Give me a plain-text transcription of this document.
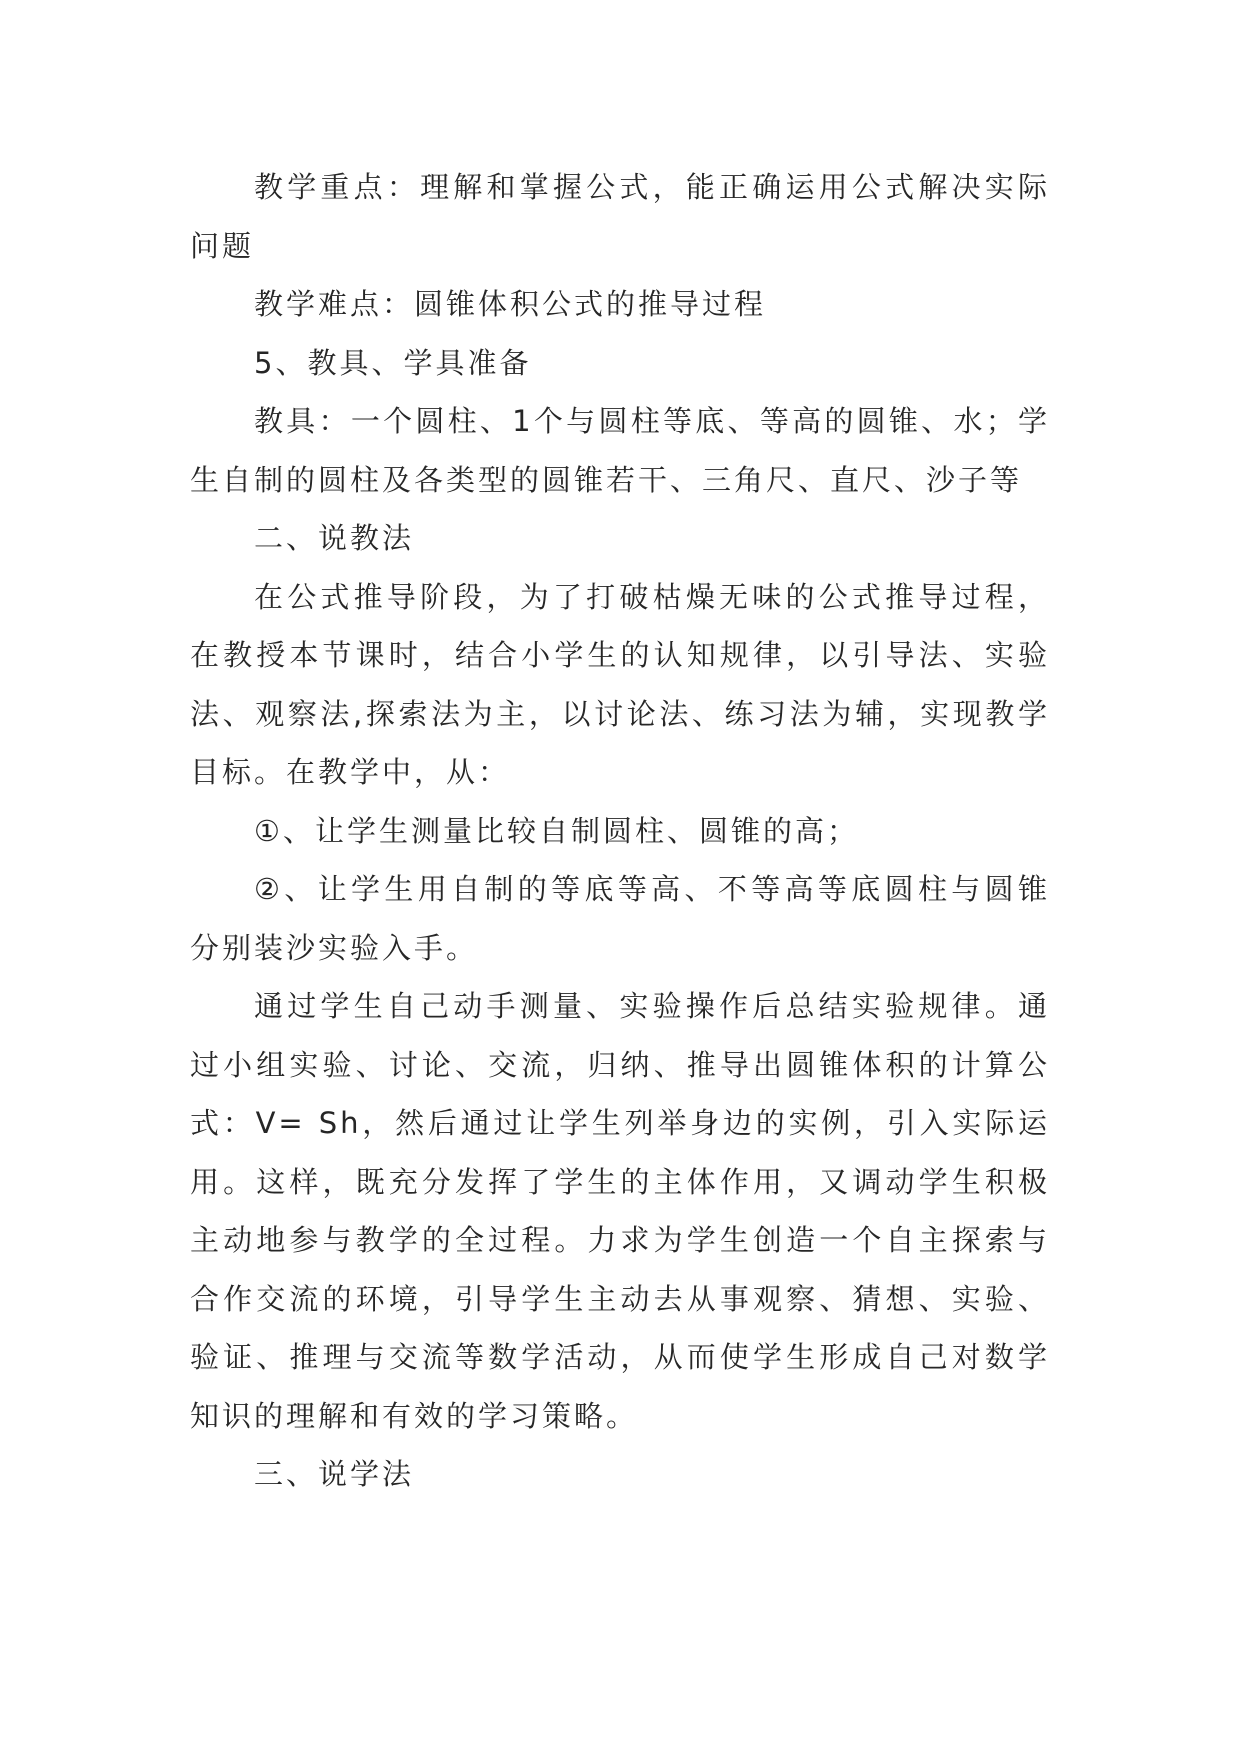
教学重点：理解和掌握公式，能正确运用公式解决实际问题

教学难点：圆锥体积公式的推导过程

5、教具、学具准备

教具：一个圆柱、1个与圆柱等底、等高的圆锥、水；学生自制的圆柱及各类型的圆锥若干、三角尺、直尺、沙子等

二、说教法

在公式推导阶段，为了打破枯燥无味的公式推导过程，在教授本节课时，结合小学生的认知规律，以引导法、实验法、观察法,探索法为主，以讨论法、练习法为辅，实现教学目标。在教学中，从：

①、让学生测量比较自制圆柱、圆锥的高；

②、让学生用自制的等底等高、不等高等底圆柱与圆锥分别装沙实验入手。

通过学生自己动手测量、实验操作后总结实验规律。通过小组实验、讨论、交流，归纳、推导出圆锥体积的计算公式：V= Sh，然后通过让学生列举身边的实例，引入实际运用。这样，既充分发挥了学生的主体作用，又调动学生积极主动地参与教学的全过程。力求为学生创造一个自主探索与合作交流的环境，引导学生主动去从事观察、猜想、实验、验证、推理与交流等数学活动，从而使学生形成自己对数学知识的理解和有效的学习策略。

三、说学法
